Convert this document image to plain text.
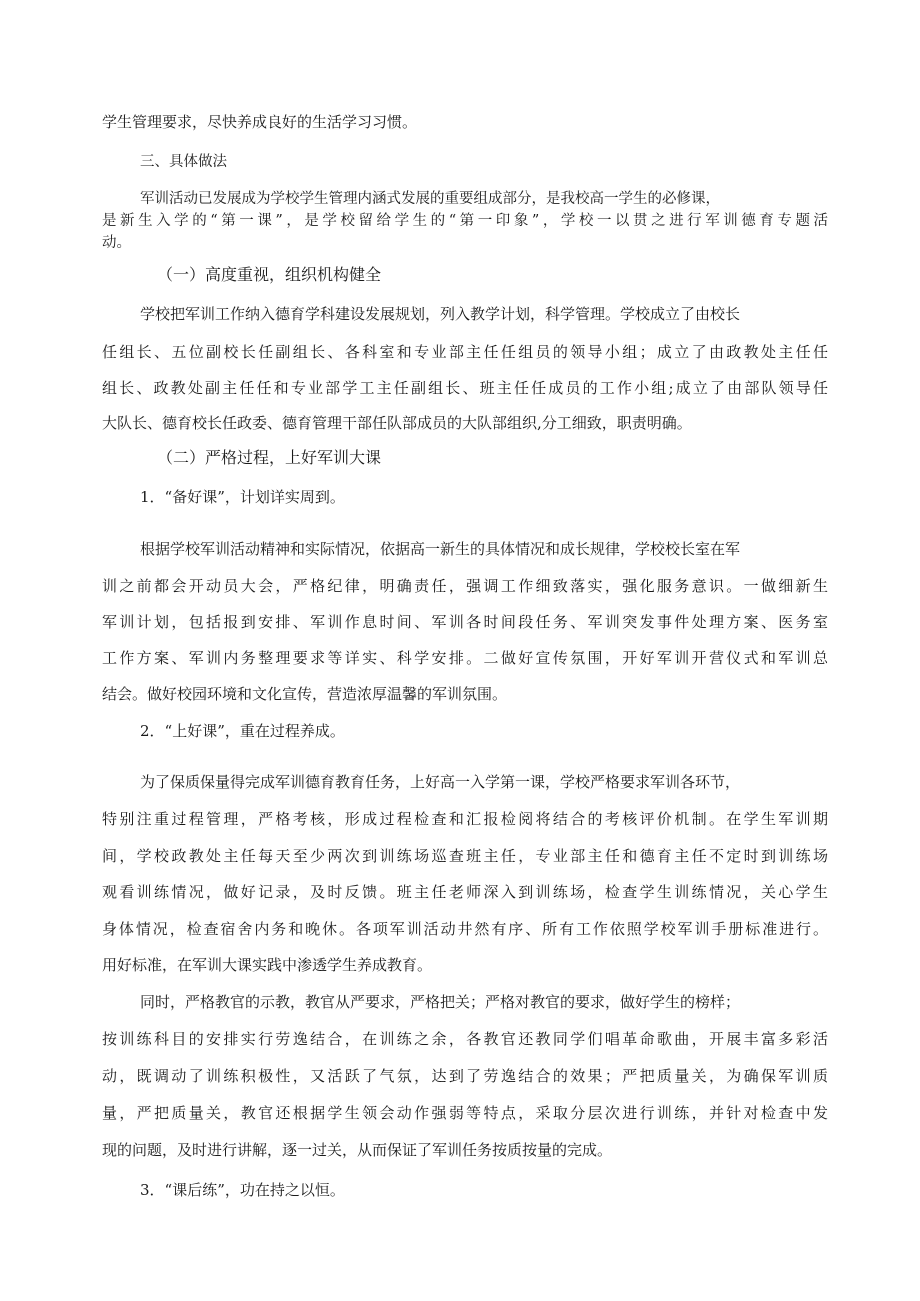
学生管理要求，尽快养成良好的生活学习习惯。
三、具体做法
军训活动已发展成为学校学生管理内涵式发展的重要组成部分，是我校高一学生的必修课，
是新生入学的“第一课”，是学校留给学生的“第一印象”，学校一以贯之进行军训德育专题活
动。
（一）高度重视，组织机构健全
学校把军训工作纳入德育学科建设发展规划，列入教学计划，科学管理。学校成立了由校长
任组长、五位副校长任副组长、各科室和专业部主任任组员的领导小组；成立了由政教处主任任
组长、政教处副主任任和专业部学工主任副组长、班主任任成员的工作小组;成立了由部队领导任
大队长、德育校长任政委、德育管理干部任队部成员的大队部组织,分工细致，职责明确。
（二）严格过程，上好军训大课
1．“备好课”，计划详实周到。
根据学校军训活动精神和实际情况，依据高一新生的具体情况和成长规律，学校校长室在军
训之前都会开动员大会，严格纪律，明确责任，强调工作细致落实，强化服务意识。一做细新生
军训计划，包括报到安排、军训作息时间、军训各时间段任务、军训突发事件处理方案、医务室
工作方案、军训内务整理要求等详实、科学安排。二做好宣传氛围，开好军训开营仪式和军训总
结会。做好校园环境和文化宣传，营造浓厚温馨的军训氛围。
2．“上好课”，重在过程养成。
为了保质保量得完成军训德育教育任务，上好高一入学第一课，学校严格要求军训各环节，
特别注重过程管理，严格考核，形成过程检查和汇报检阅将结合的考核评价机制。在学生军训期
间，学校政教处主任每天至少两次到训练场巡查班主任，专业部主任和德育主任不定时到训练场
观看训练情况，做好记录，及时反馈。班主任老师深入到训练场，检查学生训练情况，关心学生
身体情况，检查宿舍内务和晚休。各项军训活动井然有序、所有工作依照学校军训手册标准进行。
用好标准，在军训大课实践中渗透学生养成教育。
同时，严格教官的示教，教官从严要求，严格把关；严格对教官的要求，做好学生的榜样；
按训练科目的安排实行劳逸结合，在训练之余，各教官还教同学们唱革命歌曲，开展丰富多彩活
动，既调动了训练积极性，又活跃了气氛，达到了劳逸结合的效果；严把质量关，为确保军训质
量，严把质量关，教官还根据学生领会动作强弱等特点，采取分层次进行训练，并针对检查中发
现的问题，及时进行讲解，逐一过关，从而保证了军训任务按质按量的完成。
3．“课后练”，功在持之以恒。
